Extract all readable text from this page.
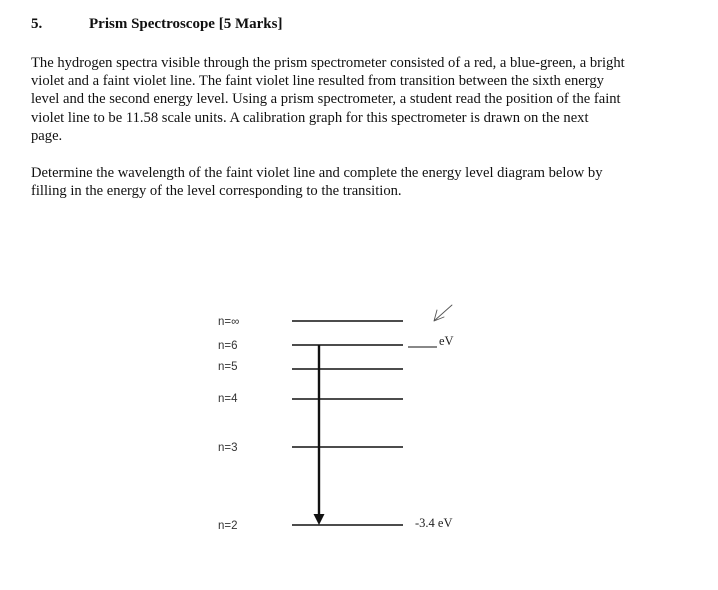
5.	Prism Spectroscope [5 Marks]

The hydrogen spectra visible through the prism spectrometer consisted of a red, a blue-green, a bright
violet and a faint violet line. The faint violet line resulted from transition between the sixth energy
level and the second energy level. Using a prism spectrometer, a student read the position of the faint
violet line to be 11.58 scale units. A calibration graph for this spectrometer is drawn on the next
page.

Determine the wavelength of the faint violet line and complete the energy level diagram below by
filling in the energy of the level corresponding to the transition.

n=∞
n=6
n=5
n=4
n=3
n=2
eV
-3.4 eV
